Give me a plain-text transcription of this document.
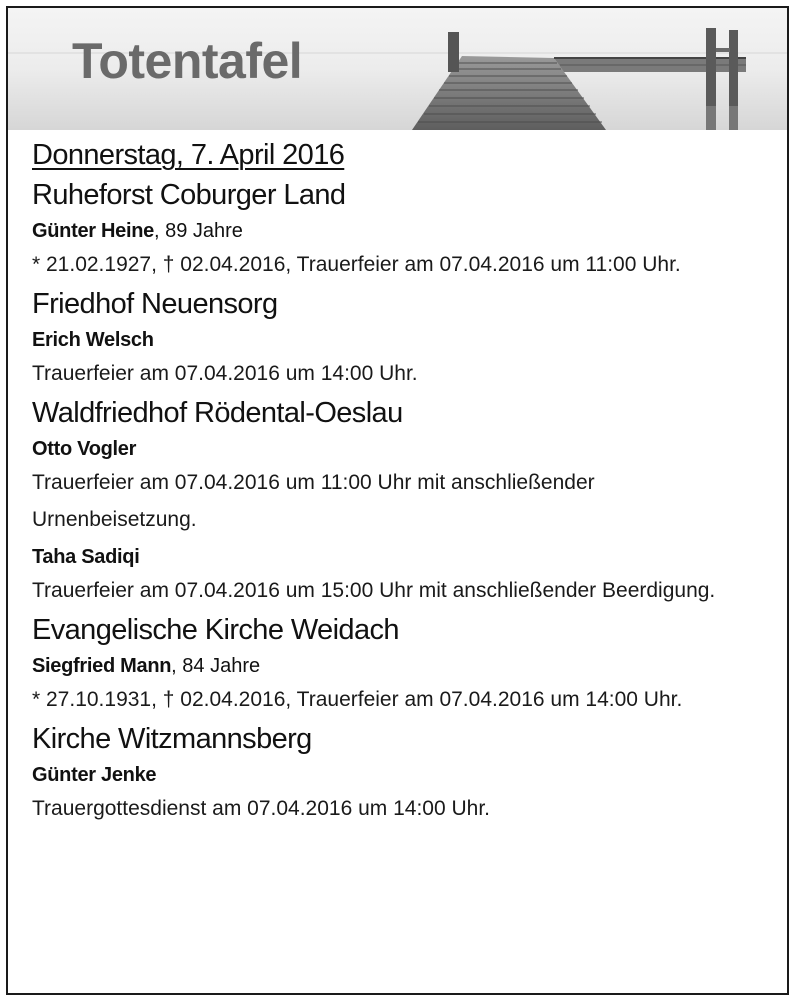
Totentafel
Donnerstag, 7. April 2016
Ruheforst Coburger Land
Günter Heine, 89 Jahre
* 21.02.1927, † 02.04.2016, Trauerfeier am 07.04.2016 um 11:00 Uhr.
Friedhof Neuensorg
Erich Welsch
Trauerfeier am 07.04.2016 um 14:00 Uhr.
Waldfriedhof Rödental-Oeslau
Otto Vogler
Trauerfeier am 07.04.2016 um 11:00 Uhr mit anschließender Urnenbeisetzung.
Taha Sadiqi
Trauerfeier am 07.04.2016 um 15:00 Uhr mit anschließender Beerdigung.
Evangelische Kirche Weidach
Siegfried Mann, 84 Jahre
* 27.10.1931, † 02.04.2016, Trauerfeier am 07.04.2016 um 14:00 Uhr.
Kirche Witzmannsberg
Günter Jenke
Trauergottesdienst am 07.04.2016 um 14:00 Uhr.
